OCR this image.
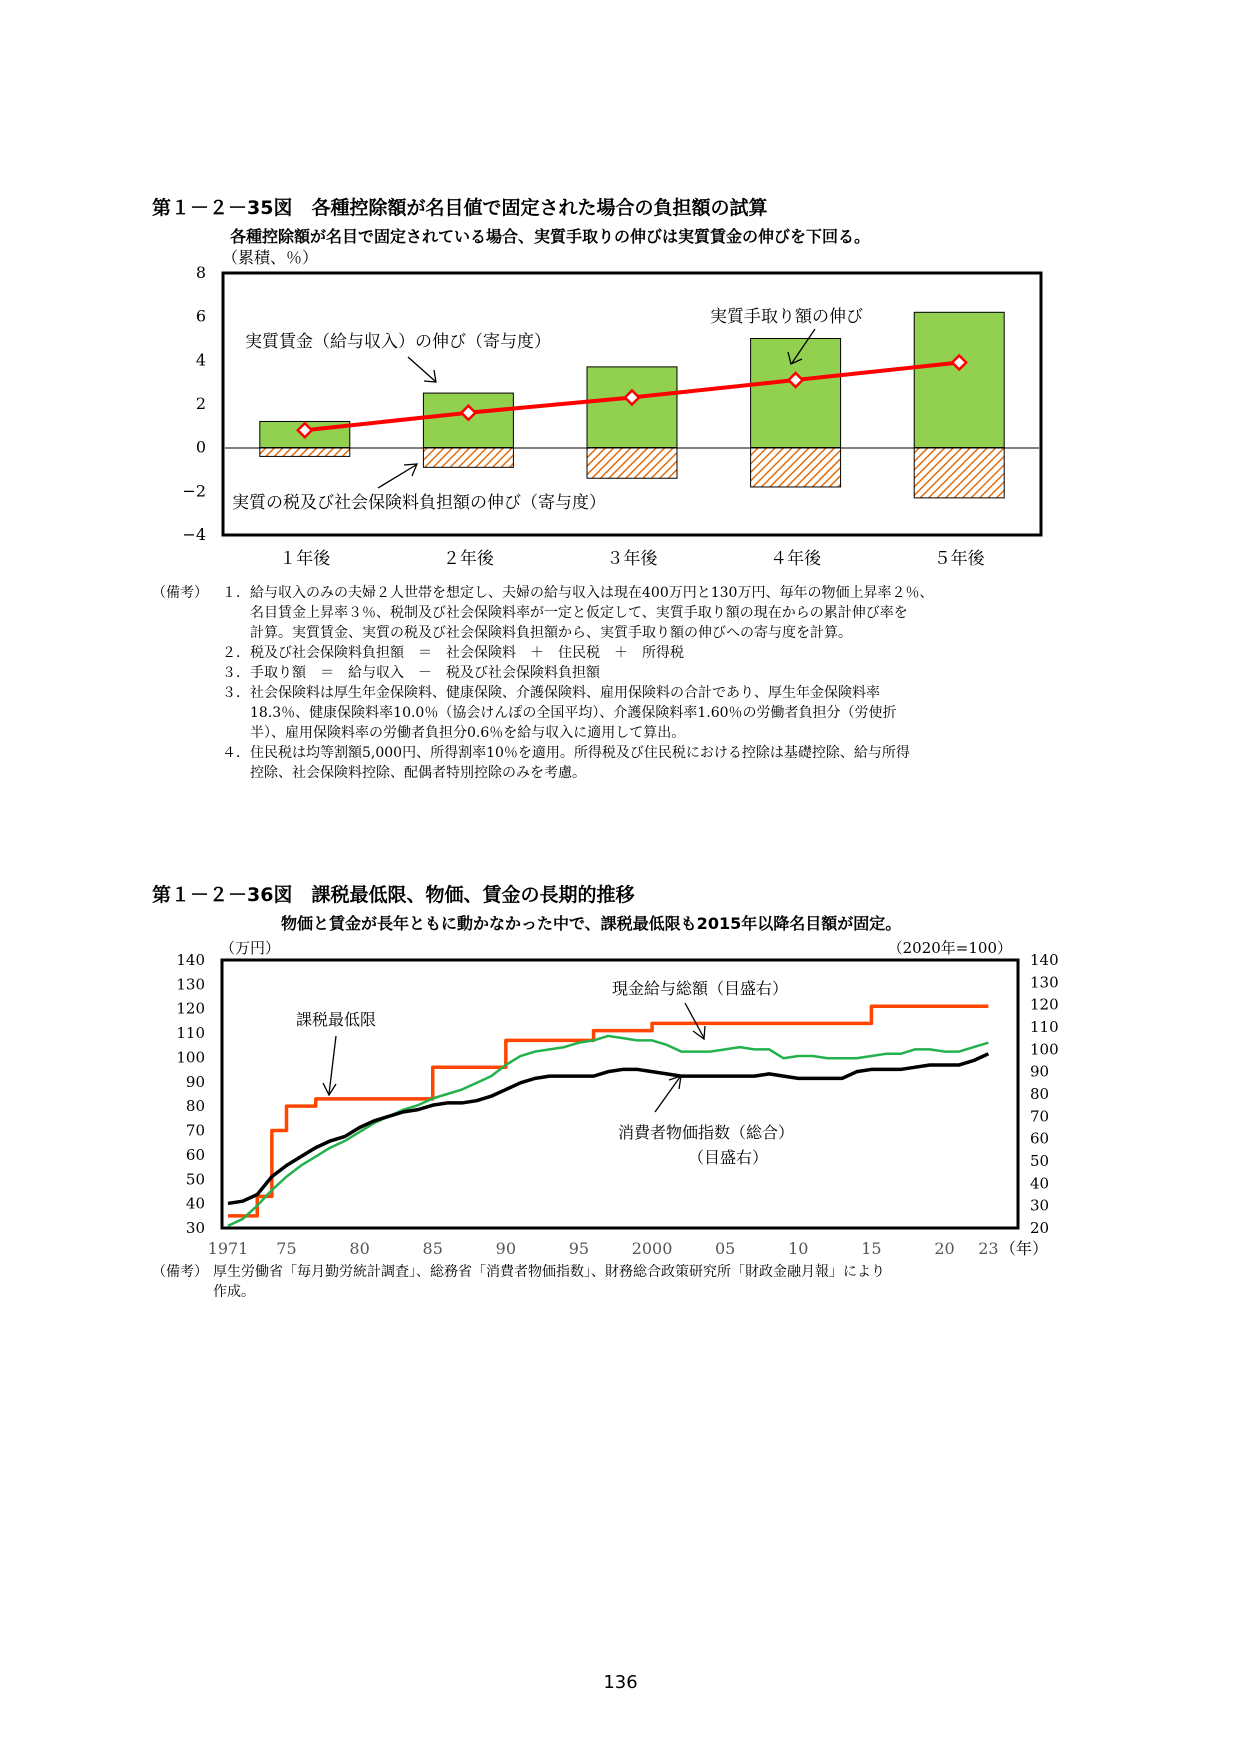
第１－２－35図　各種控除額が名目値で固定された場合の負担額の試算
各種控除額が名目で固定されている場合、実質手取りの伸びは実質賃金の伸びを下回る。
（累積、％）
8
6
4
2
0
−2
−4
１年後	２年後	３年後	４年後	５年後
実質手取り額の伸び
実質賃金（給与収入）の伸び（寄与度）
実質の税及び社会保険料負担額の伸び（寄与度）
（備考） １．給与収入のみの夫婦２人世帯を想定し、夫婦の給与収入は現在400万円と130万円、毎年の物価上昇率２％、
　　名目賃金上昇率３％、税制及び社会保険料率が一定と仮定して、実質手取り額の現在からの累計伸び率を
　　計算。実質賃金、実質の税及び社会保険料負担額から、実質手取り額の伸びへの寄与度を計算。
２．税及び社会保険料負担額　＝　社会保険料　＋　住民税　＋　所得税
３．手取り額　＝　給与収入　－　税及び社会保険料負担額
３．社会保険料は厚生年金保険料、健康保険、介護保険料、雇用保険料の合計であり、厚生年金保険料率
　　18.3％、健康保険料率10.0％（協会けんぽの全国平均）、介護保険料率1.60％の労働者負担分（労使折
　　半）、雇用保険料率の労働者負担分0.6％を給与収入に適用して算出。
４．住民税は均等割額5,000円、所得割率10％を適用。所得税及び住民税における控除は基礎控除、給与所得
　　控除、社会保険料控除、配偶者特別控除のみを考慮。
第１－２－36図　課税最低限、物価、賃金の長期的推移
物価と賃金が長年ともに動かなかった中で、課税最低限も2015年以降名目額が固定。
（万円）	（2020年=100）
140
130
120
110
100
90
80
70
60
50
40
30
140
130
120
110
100
90
80
70
60
50
40
30
20
1971 75	80	85	90	95	2000	05	10	15	20 23 （年）
課税最低限
現金給与総額（目盛右）
消費者物価指数（総合）
（目盛右）
（備考） 厚生労働省「毎月勤労統計調査」、総務省「消費者物価指数」、財務総合政策研究所「財政金融月報」により
作成。
136
